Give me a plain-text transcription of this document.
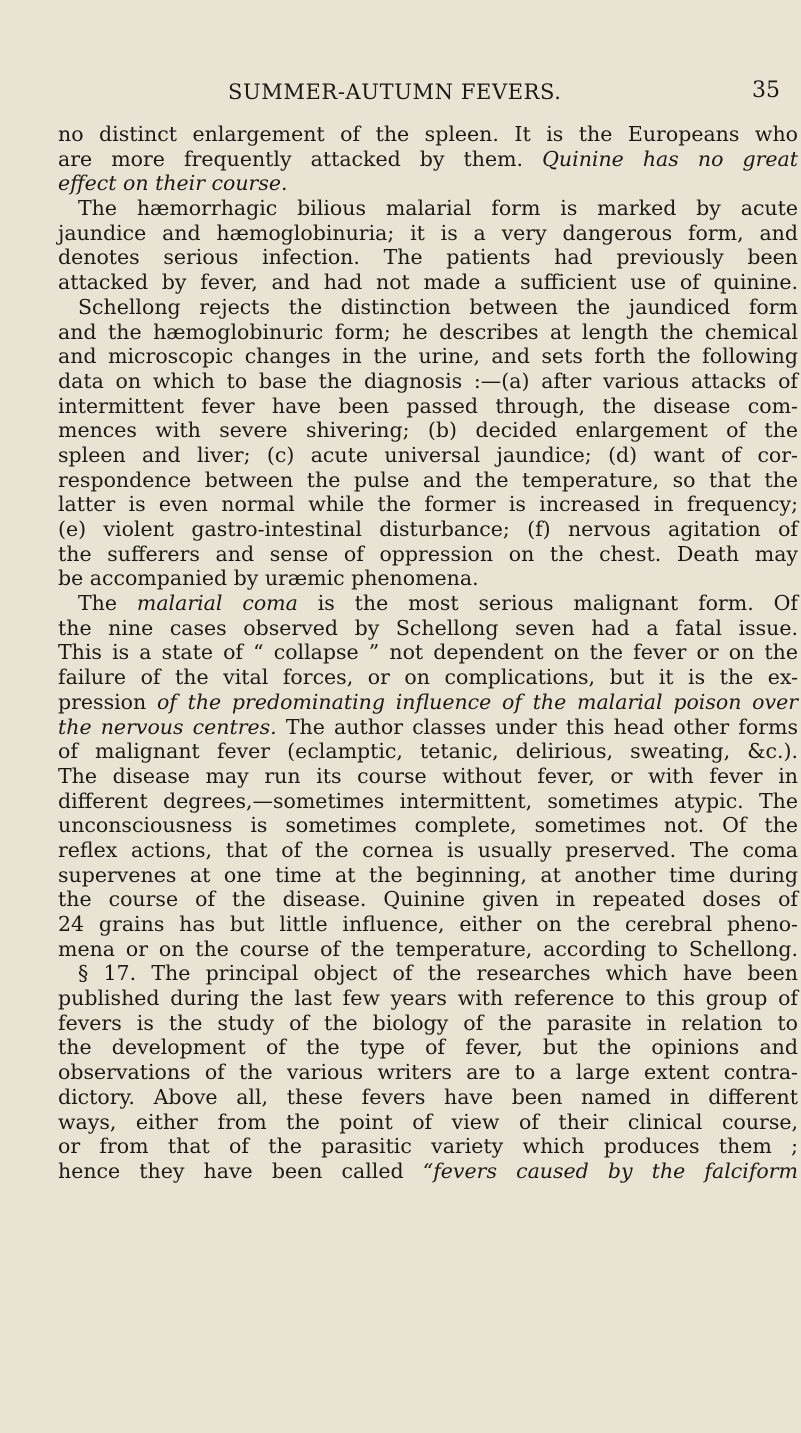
SUMMER-AUTUMN FEVERS.	35
no distinct enlargement of the spleen. It is the Europeans who
are more frequently attacked by them. Quinine has no great
effect on their course.
The hæmorrhagic bilious malarial form is marked by acute
jaundice and hæmoglobinuria; it is a very dangerous form, and
denotes serious infection. The patients had previously been
attacked by fever, and had not made a sufficient use of quinine.
Schellong rejects the distinction between the jaundiced form
and the hæmoglobinuric form; he describes at length the chemical
and microscopic changes in the urine, and sets forth the following
data on which to base the diagnosis :—(a) after various attacks of
intermittent fever have been passed through, the disease com-
mences with severe shivering; (b) decided enlargement of the
spleen and liver; (c) acute universal jaundice; (d) want of cor-
respondence between the pulse and the temperature, so that the
latter is even normal while the former is increased in frequency;
(e) violent gastro-intestinal disturbance; (f) nervous agitation of
the sufferers and sense of oppression on the chest. Death may
be accompanied by uræmic phenomena.
The malarial coma is the most serious malignant form. Of
the nine cases observed by Schellong seven had a fatal issue.
This is a state of “ collapse ” not dependent on the fever or on the
failure of the vital forces, or on complications, but it is the ex-
pression of the predominating influence of the malarial poison over
the nervous centres. The author classes under this head other forms
of malignant fever (eclamptic, tetanic, delirious, sweating, &c.).
The disease may run its course without fever, or with fever in
different degrees,—sometimes intermittent, sometimes atypic. The
unconsciousness is sometimes complete, sometimes not. Of the
reflex actions, that of the cornea is usually preserved. The coma
supervenes at one time at the beginning, at another time during
the course of the disease. Quinine given in repeated doses of
24 grains has but little influence, either on the cerebral pheno-
mena or on the course of the temperature, according to Schellong.
§ 17. The principal object of the researches which have been
published during the last few years with reference to this group of
fevers is the study of the biology of the parasite in relation to
the development of the type of fever, but the opinions and
observations of the various writers are to a large extent contra-
dictory. Above all, these fevers have been named in different
ways, either from the point of view of their clinical course,
or from that of the parasitic variety which produces them ;
hence they have been called “fevers caused by the falciform
